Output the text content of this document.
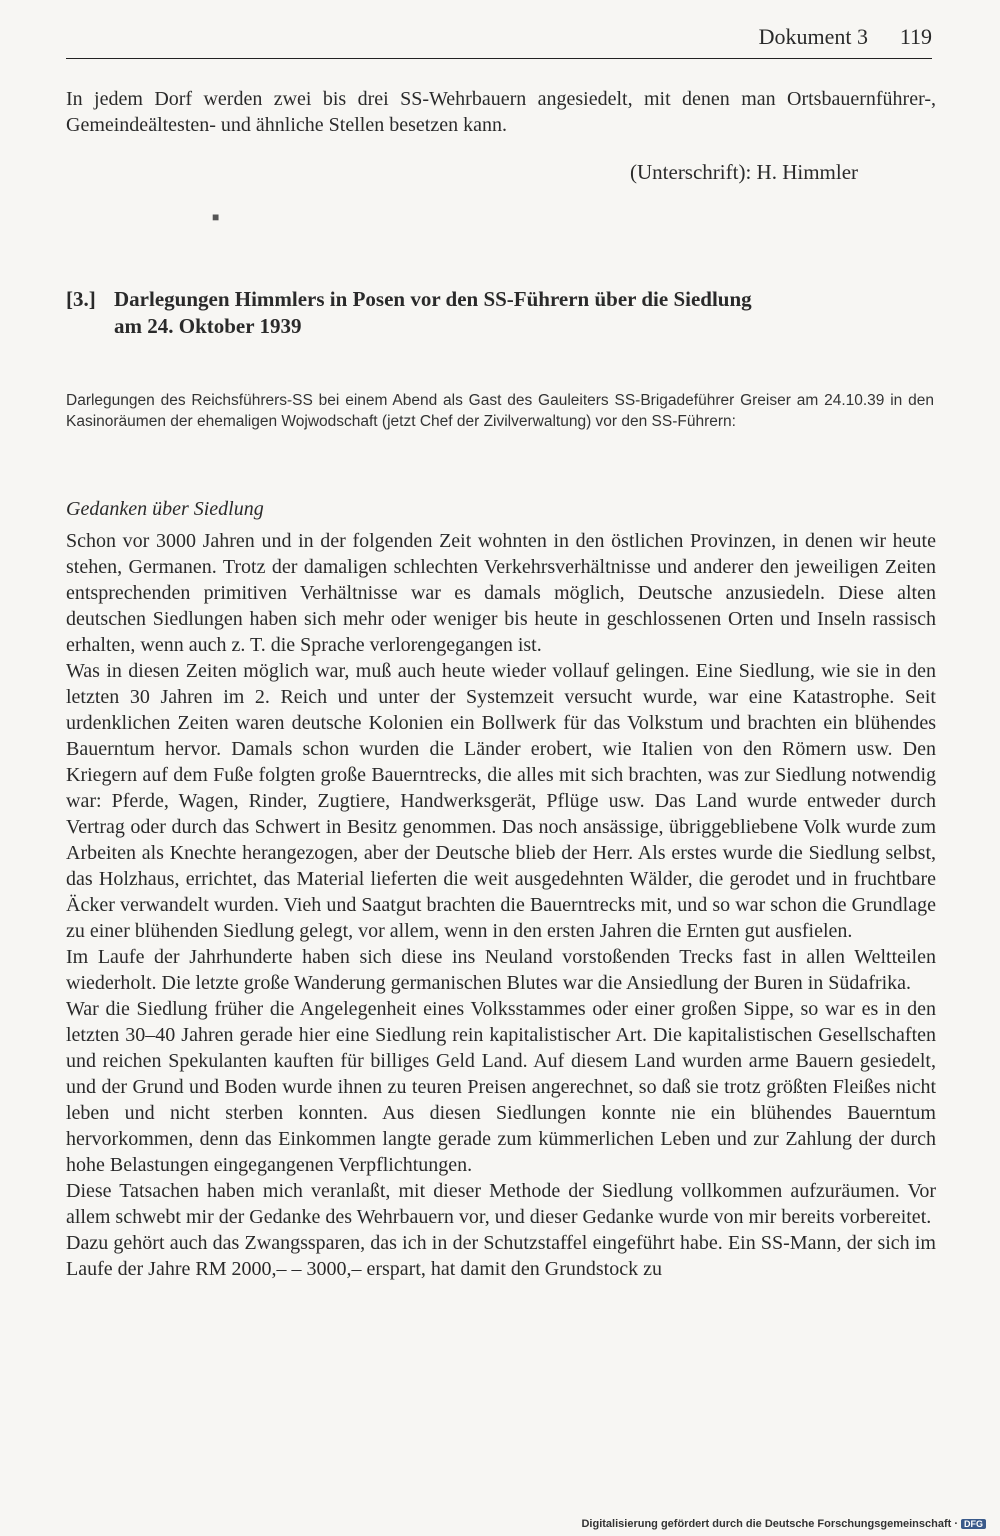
Dokument 3 119
In jedem Dorf werden zwei bis drei SS-Wehrbauern angesiedelt, mit denen man Ortsbauernführer-, Gemeindeältesten- und ähnliche Stellen besetzen kann.
(Unterschrift): H. Himmler
■
[3.] Darlegungen Himmlers in Posen vor den SS-Führern über die Siedlung
am 24. Oktober 1939
Darlegungen des Reichsführers-SS bei einem Abend als Gast des Gauleiters SS-Brigadeführer Greiser am 24.10.39 in den Kasinoräumen der ehemaligen Wojwodschaft (jetzt Chef der Zivilverwaltung) vor den SS-Führern:
Gedanken über Siedlung

Schon vor 3000 Jahren und in der folgenden Zeit wohnten in den östlichen Provinzen, in denen wir heute stehen, Germanen. Trotz der damaligen schlechten Verkehrsverhältnisse und anderer den jeweiligen Zeiten entsprechenden primitiven Verhältnisse war es damals möglich, Deutsche anzusiedeln. Diese alten deutschen Siedlungen haben sich mehr oder weniger bis heute in geschlossenen Orten und Inseln rassisch erhalten, wenn auch z. T. die Sprache verlorengegangen ist.

Was in diesen Zeiten möglich war, muß auch heute wieder vollauf gelingen. Eine Siedlung, wie sie in den letzten 30 Jahren im 2. Reich und unter der Systemzeit versucht wurde, war eine Katastrophe. Seit urdenklichen Zeiten waren deutsche Kolonien ein Bollwerk für das Volkstum und brachten ein blühendes Bauerntum hervor. Damals schon wurden die Länder erobert, wie Italien von den Römern usw. Den Kriegern auf dem Fuße folgten große Bauerntrecks, die alles mit sich brachten, was zur Siedlung notwendig war: Pferde, Wagen, Rinder, Zugtiere, Handwerksgerät, Pflüge usw. Das Land wurde entweder durch Vertrag oder durch das Schwert in Besitz genommen. Das noch ansässige, übriggebliebene Volk wurde zum Arbeiten als Knechte herangezogen, aber der Deutsche blieb der Herr. Als erstes wurde die Siedlung selbst, das Holzhaus, errichtet, das Material lieferten die weit ausgedehnten Wälder, die gerodet und in fruchtbare Äcker verwandelt wurden. Vieh und Saatgut brachten die Bauerntrecks mit, und so war schon die Grundlage zu einer blühenden Siedlung gelegt, vor allem, wenn in den ersten Jahren die Ernten gut ausfielen.

Im Laufe der Jahrhunderte haben sich diese ins Neuland vorstoßenden Trecks fast in allen Weltteilen wiederholt. Die letzte große Wanderung germanischen Blutes war die Ansiedlung der Buren in Südafrika.

War die Siedlung früher die Angelegenheit eines Volksstammes oder einer großen Sippe, so war es in den letzten 30–40 Jahren gerade hier eine Siedlung rein kapitalistischer Art. Die kapitalistischen Gesellschaften und reichen Spekulanten kauften für billiges Geld Land. Auf diesem Land wurden arme Bauern gesiedelt, und der Grund und Boden wurde ihnen zu teuren Preisen angerechnet, so daß sie trotz größten Fleißes nicht leben und nicht sterben konnten. Aus diesen Siedlungen konnte nie ein blühendes Bauerntum hervorkommen, denn das Einkommen langte gerade zum kümmerlichen Leben und zur Zahlung der durch hohe Belastungen eingegangenen Verpflichtungen.

Diese Tatsachen haben mich veranlaßt, mit dieser Methode der Siedlung vollkommen aufzuräumen. Vor allem schwebt mir der Gedanke des Wehrbauern vor, und dieser Gedanke wurde von mir bereits vorbereitet.

Dazu gehört auch das Zwangssparen, das ich in der Schutzstaffel eingeführt habe. Ein SS-Mann, der sich im Laufe der Jahre RM 2000,– – 3000,– erspart, hat damit den Grundstock zu

Digitalisierung gefördert durch die Deutsche Forschungsgemeinschaft · DFG
